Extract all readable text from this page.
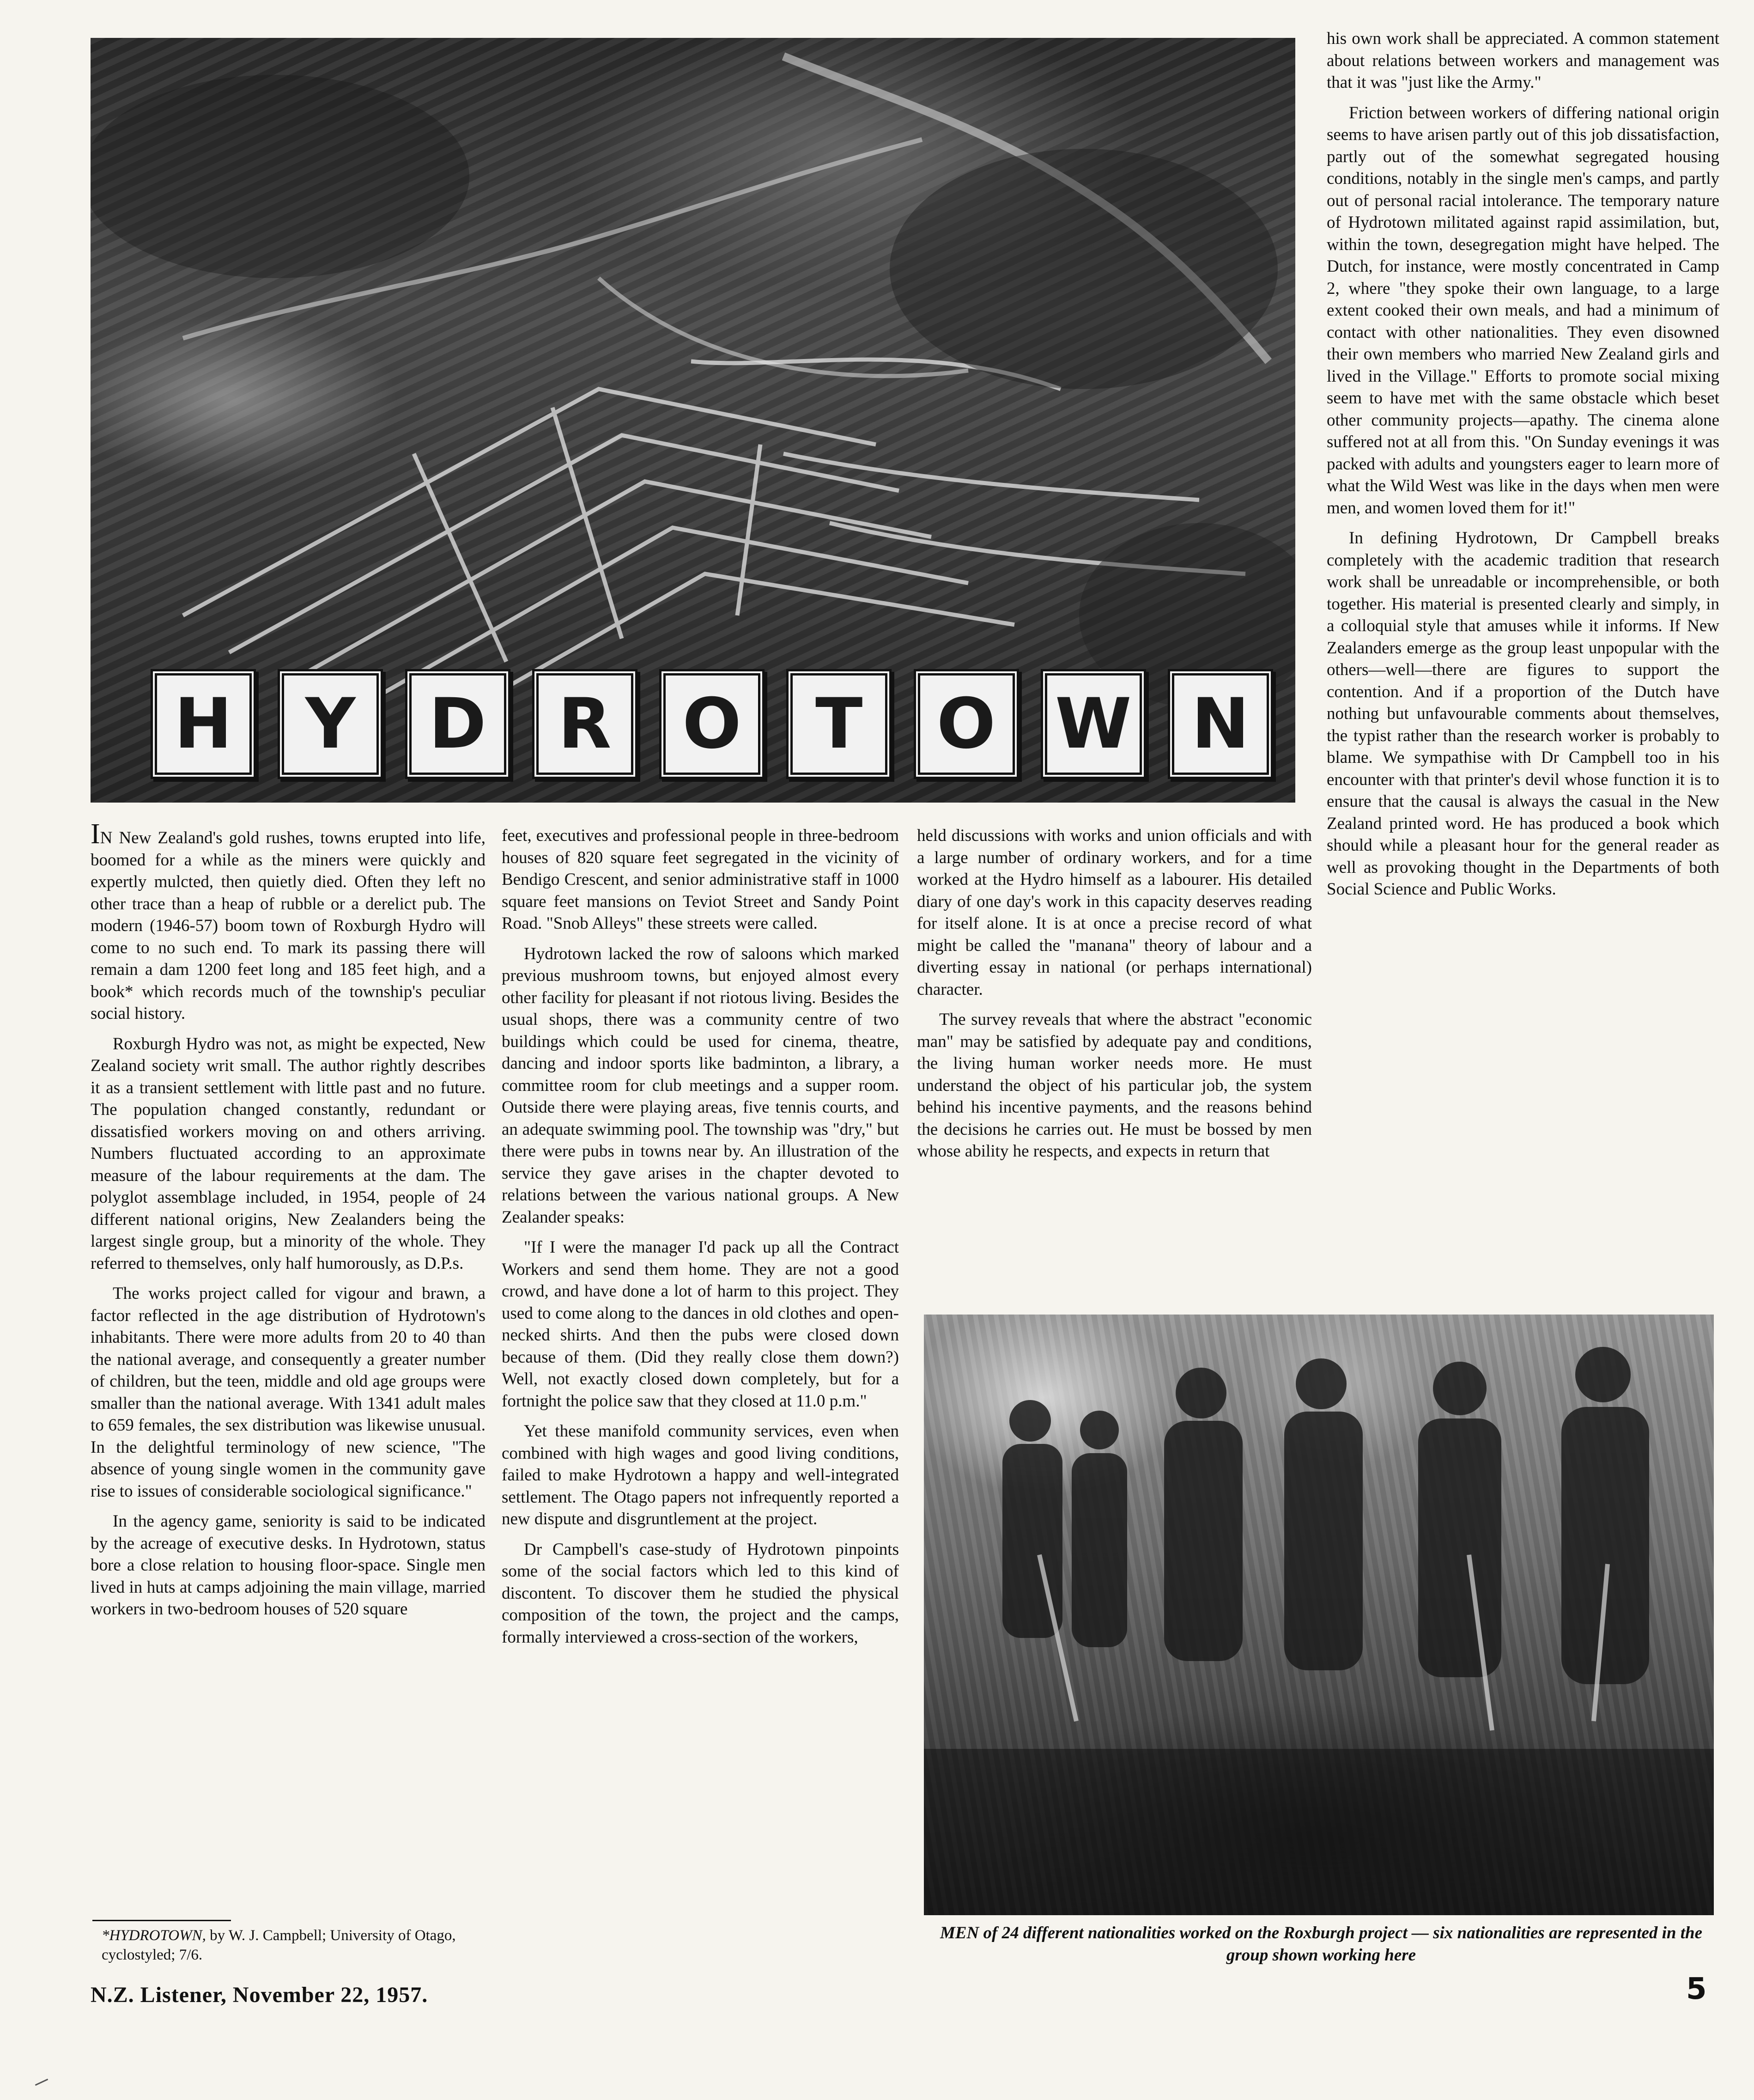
H	Y	D	R	O	T	O W N

IN New Zealand's gold rushes, towns erupted into life, boomed for a while as the miners were quickly and expertly mulcted, then quietly died. Often they left no other trace than a heap of rubble or a derelict pub. The modern (1946-57) boom town of Roxburgh Hydro will come to no such end. To mark its passing there will remain a dam 1200 feet long and 185 feet high, and a book* which records much of the township's peculiar social history.

Roxburgh Hydro was not, as might be expected, New Zealand society writ small. The author rightly describes it as a transient settlement with little past and no future. The population changed constantly, redundant or dissatisfied workers moving on and others arriving. Numbers fluctuated according to an approximate measure of the labour requirements at the dam. The polyglot assemblage included, in 1954, people of 24 different national origins, New Zealanders being the largest single group, but a minority of the whole. They referred to themselves, only half humorously, as D.P.s.

The works project called for vigour and brawn, a factor reflected in the age distribution of Hydrotown's inhabitants. There were more adults from 20 to 40 than the national average, and consequently a greater number of children, but the teen, middle and old age groups were smaller than the national average. With 1341 adult males to 659 females, the sex distribution was likewise unusual. In the delightful terminology of new science, "The absence of young single women in the community gave rise to issues of considerable sociological significance."

In the agency game, seniority is said to be indicated by the acreage of executive desks. In Hydrotown, status bore a close relation to housing floor-space. Single men lived in huts at camps adjoining the main village, married workers in two-bedroom houses of 520 square

*HYDROTOWN, by W. J. Campbell; University of Otago, cyclostyled; 7/6.

feet, executives and professional people in three-bedroom houses of 820 square feet segregated in the vicinity of Bendigo Crescent, and senior administrative staff in 1000 square feet mansions on Teviot Street and Sandy Point Road. "Snob Alleys" these streets were called.

Hydrotown lacked the row of saloons which marked previous mushroom towns, but enjoyed almost every other facility for pleasant if not riotous living. Besides the usual shops, there was a community centre of two buildings which could be used for cinema, theatre, dancing and indoor sports like badminton, a library, a committee room for club meetings and a supper room. Outside there were playing areas, five tennis courts, and an adequate swimming pool. The township was "dry," but there were pubs in towns near by. An illustration of the service they gave arises in the chapter devoted to relations between the various national groups. A New Zealander speaks:

"If I were the manager I'd pack up all the Contract Workers and send them home. They are not a good crowd, and have done a lot of harm to this project. They used to come along to the dances in old clothes and open-necked shirts. And then the pubs were closed down because of them. (Did they really close them down?) Well, not exactly closed down completely, but for a fortnight the police saw that they closed at 11.0 p.m."

Yet these manifold community services, even when combined with high wages and good living conditions, failed to make Hydrotown a happy and well-integrated settlement. The Otago papers not infrequently reported a new dispute and disgruntlement at the project.

Dr Campbell's case-study of Hydrotown pinpoints some of the social factors which led to this kind of discontent. To discover them he studied the physical composition of the town, the project and the camps, formally interviewed a cross-section of the workers,

held discussions with works and union officials and with a large number of ordinary workers, and for a time worked at the Hydro himself as a labourer. His detailed diary of one day's work in this capacity deserves reading for itself alone. It is at once a precise record of what might be called the "manana" theory of labour and a diverting essay in national (or perhaps international) character.

The survey reveals that where the abstract "economic man" may be satisfied by adequate pay and conditions, the living human worker needs more. He must understand the object of his particular job, the system behind his incentive payments, and the reasons behind the decisions he carries out. He must be bossed by men whose ability he respects, and expects in return that

his own work shall be appreciated. A common statement about relations between workers and management was that it was "just like the Army."

Friction between workers of differing national origin seems to have arisen partly out of this job dissatisfaction, partly out of the somewhat segregated housing conditions, notably in the single men's camps, and partly out of personal racial intolerance. The temporary nature of Hydrotown militated against rapid assimilation, but, within the town, desegregation might have helped. The Dutch, for instance, were mostly concentrated in Camp 2, where "they spoke their own language, to a large extent cooked their own meals, and had a minimum of contact with other nationalities. They even disowned their own members who married New Zealand girls and lived in the Village." Efforts to promote social mixing seem to have met with the same obstacle which beset other community projects—apathy. The cinema alone suffered not at all from this. "On Sunday evenings it was packed with adults and youngsters eager to learn more of what the Wild West was like in the days when men were men, and women loved them for it!"

In defining Hydrotown, Dr Campbell breaks completely with the academic tradition that research work shall be unreadable or incomprehensible, or both together. His material is presented clearly and simply, in a colloquial style that amuses while it informs. If New Zealanders emerge as the group least unpopular with the others—well—there are figures to support the contention. And if a proportion of the Dutch have nothing but unfavourable comments about themselves, the typist rather than the research worker is probably to blame. We sympathise with Dr Campbell too in his encounter with that printer's devil whose function it is to ensure that the causal is always the casual in the New Zealand printed word. He has produced a book which should while a pleasant hour for the general reader as well as provoking thought in the Departments of both Social Science and Public Works.

MEN of 24 different nationalities worked on the Roxburgh project — six nationalities are represented in the group shown working here
N.Z. Listener, November 22, 1957.	5
